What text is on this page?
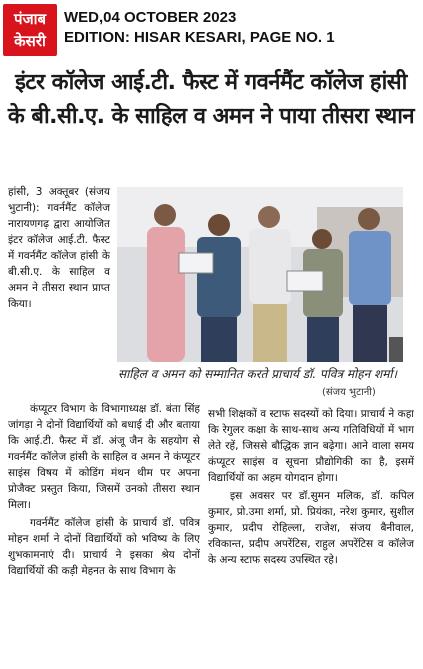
पंजाब
केसरी
WED,04 OCTOBER 2023
EDITION: HISAR KESARI, PAGE NO. 1
इंटर कॉलेज आई.टी. फैस्ट में गवर्नमैंट कॉलेज हांसी
के बी.सी.ए. के साहिल व अमन ने पाया तीसरा स्थान

हांसी, 3 अक्तूबर (संजय भुटानी): गवर्नमैंट कॉलेज नारायणगढ़ द्वारा आयोजित इंटर कॉलेज आई.टी. फैस्ट में गवर्नमैंट कॉलेज हांसी के बी.सी.ए. के साहिल व अमन ने तीसरा स्थान प्राप्त किया।

साहिल व अमन को सम्मानित करते प्राचार्य डॉ. पवित्र मोहन शर्मा।
(संजय भुटानी)

कंप्यूटर विभाग के विभागाध्यक्ष डॉ. बंता सिंह जांगड़ा ने दोनों विद्यार्थियों को बधाई दी और बताया कि आई.टी. फैस्ट में डॉ. अंजू जैन के सहयोग से गवर्नमैंट कॉलेज हांसी के साहिल व अमन ने कंप्यूटर साइंस विषय में कोडिंग मंथन थीम पर अपना प्रोजैक्ट प्रस्तुत किया, जिसमें उनको तीसरा स्थान मिला।

गवर्नमैंट कॉलेज हांसी के प्राचार्य डॉ. पवित्र मोहन शर्मा ने दोनों विद्यार्थियों को भविष्य के लिए शुभकामनाएं दी। प्राचार्य ने इसका श्रेय दोनों विद्यार्थियों की कड़ी मेहनत के साथ विभाग के

सभी शिक्षकों व स्टाफ सदस्यों को दिया। प्राचार्य ने कहा कि रेगुलर कक्षा के साथ-साथ अन्य गतिविधियों में भाग लेते रहें, जिससे बौद्धिक ज्ञान बढ़ेगा। आने वाला समय कंप्यूटर साइंस व सूचना प्रौद्योगिकी का है, इसमें विद्यार्थियों का अहम योगदान होगा।

इस अवसर पर डॉ.सुमन मलिक, डॉ. कपिल कुमार, प्रो.उमा शर्मा, प्रो. प्रियंका, नरेश कुमार, सुशील कुमार, प्रदीप रोहिल्ला, राजेश, संजय बैनीवाल, रविकान्त, प्रदीप अपरेंटिस, राहुल अपरेंटिस व कॉलेज के अन्य स्टाफ सदस्य उपस्थित रहे।
